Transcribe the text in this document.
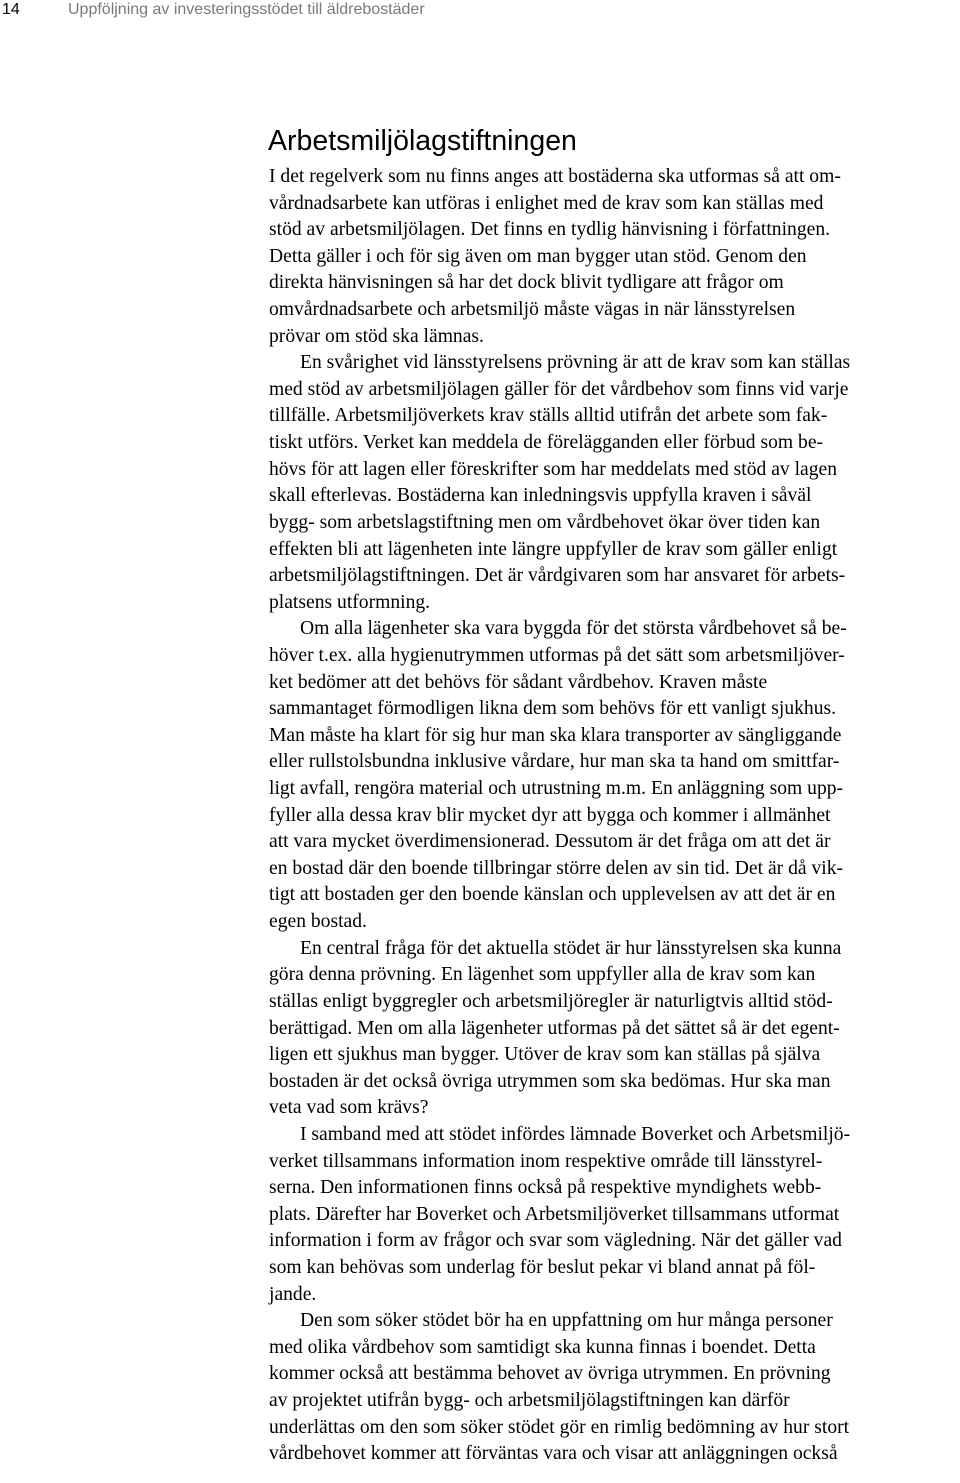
14	Uppföljning av investeringsstödet till äldrebostäder
Arbetsmiljölagstiftningen
I det regelverk som nu finns anges att bostäderna ska utformas så att om-
vårdnadsarbete kan utföras i enlighet med de krav som kan ställas med
stöd av arbetsmiljölagen. Det finns en tydlig hänvisning i författningen.
Detta gäller i och för sig även om man bygger utan stöd. Genom den
direkta hänvisningen så har det dock blivit tydligare att frågor om
omvårdnadsarbete och arbetsmiljö måste vägas in när länsstyrelsen
prövar om stöd ska lämnas.
En svårighet vid länsstyrelsens prövning är att de krav som kan ställas
med stöd av arbetsmiljölagen gäller för det vårdbehov som finns vid varje
tillfälle. Arbetsmiljöverkets krav ställs alltid utifrån det arbete som fak-
tiskt utförs. Verket kan meddela de förelägganden eller förbud som be-
hövs för att lagen eller föreskrifter som har meddelats med stöd av lagen
skall efterlevas. Bostäderna kan inledningsvis uppfylla kraven i såväl
bygg- som arbetslagstiftning men om vårdbehovet ökar över tiden kan
effekten bli att lägenheten inte längre uppfyller de krav som gäller enligt
arbetsmiljölagstiftningen. Det är vårdgivaren som har ansvaret för arbets-
platsens utformning.
Om alla lägenheter ska vara byggda för det största vårdbehovet så be-
höver t.ex. alla hygienutrymmen utformas på det sätt som arbetsmiljöver-
ket bedömer att det behövs för sådant vårdbehov. Kraven måste
sammantaget förmodligen likna dem som behövs för ett vanligt sjukhus.
Man måste ha klart för sig hur man ska klara transporter av sängliggande
eller rullstolsbundna inklusive vårdare, hur man ska ta hand om smittfar-
ligt avfall, rengöra material och utrustning m.m. En anläggning som upp-
fyller alla dessa krav blir mycket dyr att bygga och kommer i allmänhet
att vara mycket överdimensionerad. Dessutom är det fråga om att det är
en bostad där den boende tillbringar större delen av sin tid. Det är då vik-
tigt att bostaden ger den boende känslan och upplevelsen av att det är en
egen bostad.
En central fråga för det aktuella stödet är hur länsstyrelsen ska kunna
göra denna prövning. En lägenhet som uppfyller alla de krav som kan
ställas enligt byggregler och arbetsmiljöregler är naturligtvis alltid stöd-
berättigad. Men om alla lägenheter utformas på det sättet så är det egent-
ligen ett sjukhus man bygger. Utöver de krav som kan ställas på själva
bostaden är det också övriga utrymmen som ska bedömas. Hur ska man
veta vad som krävs?
I samband med att stödet infördes lämnade Boverket och Arbetsmiljö-
verket tillsammans information inom respektive område till länsstyrel-
serna. Den informationen finns också på respektive myndighets webb-
plats. Därefter har Boverket och Arbetsmiljöverket tillsammans utformat
information i form av frågor och svar som vägledning. När det gäller vad
som kan behövas som underlag för beslut pekar vi bland annat på föl-
jande.
Den som söker stödet bör ha en uppfattning om hur många personer
med olika vårdbehov som samtidigt ska kunna finnas i boendet. Detta
kommer också att bestämma behovet av övriga utrymmen. En prövning
av projektet utifrån bygg- och arbetsmiljölagstiftningen kan därför
underlättas om den som söker stödet gör en rimlig bedömning av hur stort
vårdbehovet kommer att förväntas vara och visar att anläggningen också
